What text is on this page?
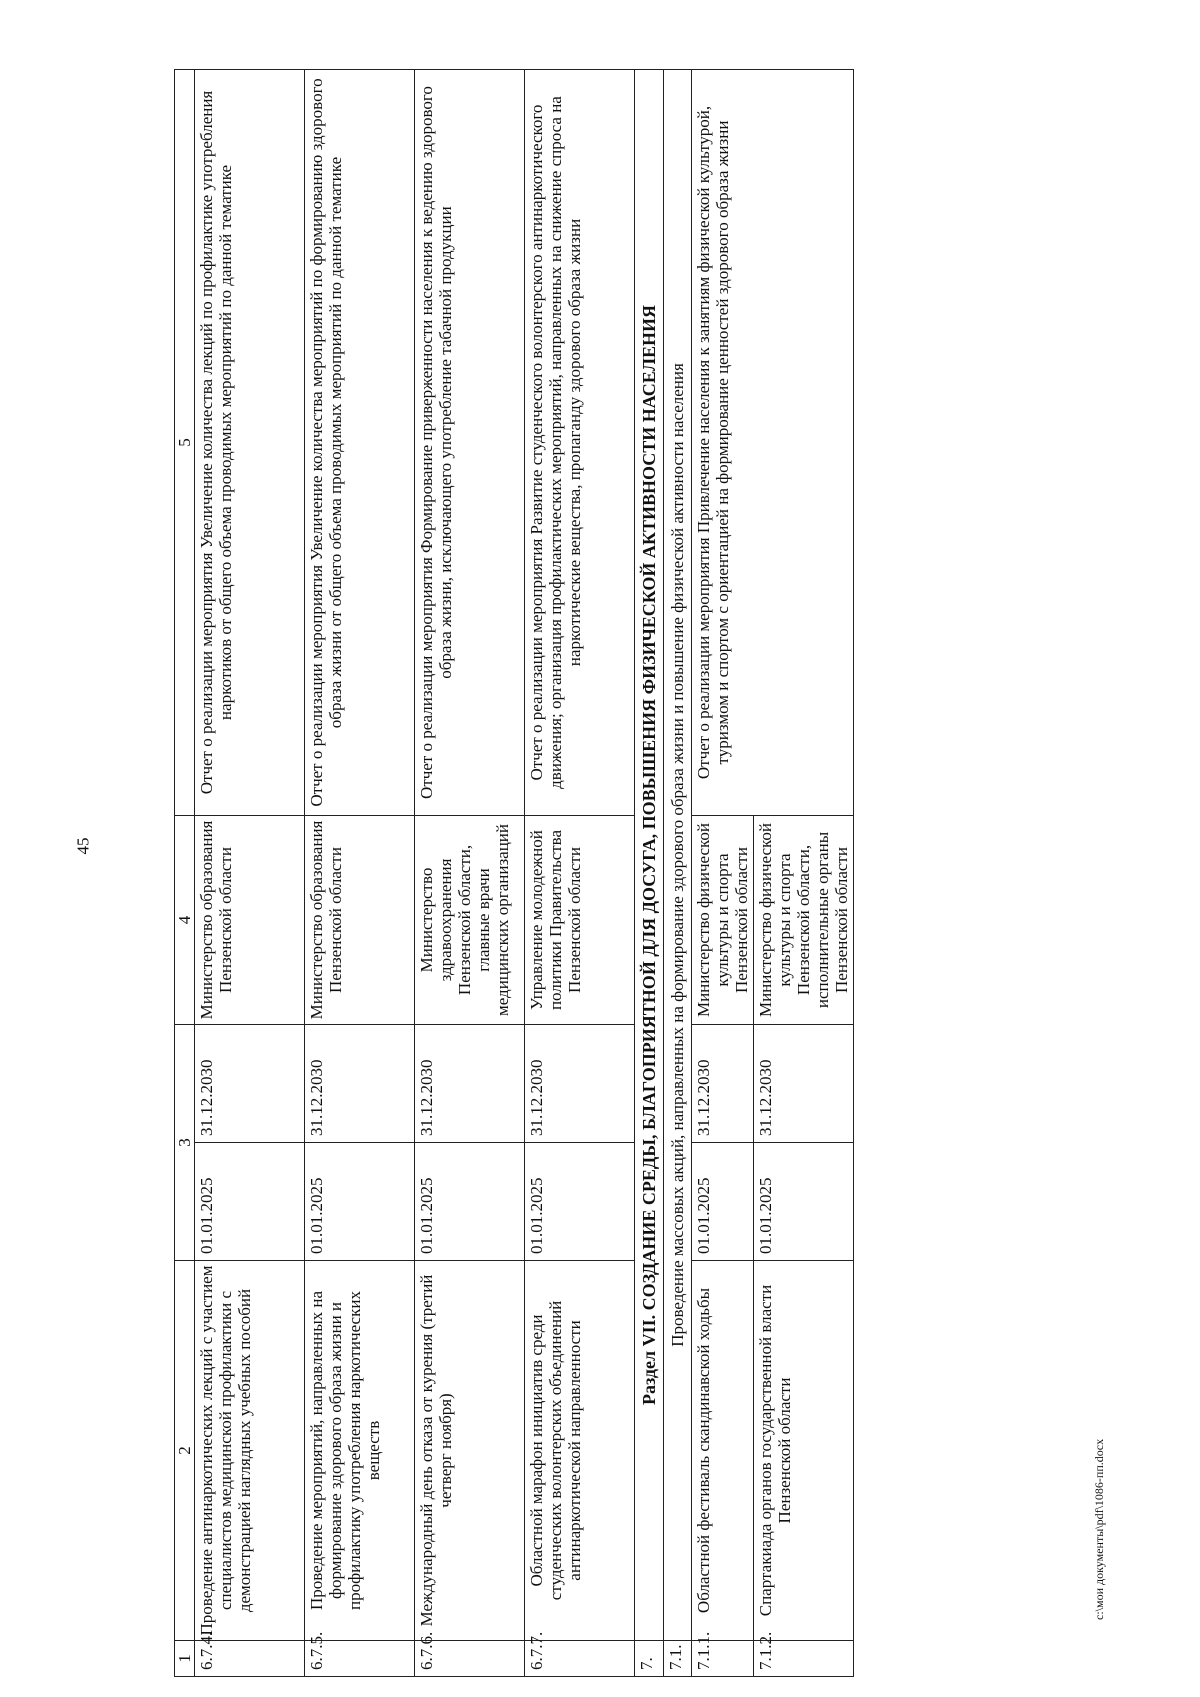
45
c:\мои документы\pdf\1086-пп.docx
1	2	3		4	5
6.7.4.	Проведение антинаркотических лекций с участием специалистов медицинской профилактики с демонстрацией наглядных учебных пособий	01.01.2025	31.12.2030	Министерство образования Пензенской области	Отчет о реализации мероприятия Увеличение количества лекций по профилактике употребления наркотиков от общего объема проводимых мероприятий по данной тематике
6.7.5.	Проведение мероприятий, направленных на формирование здорового образа жизни и профилактику употребления наркотических веществ	01.01.2025	31.12.2030	Министерство образования Пензенской области	Отчет о реализации мероприятия Увеличение количества мероприятий по формированию здорового образа жизни от общего объема проводимых мероприятий по данной тематике
6.7.6.	Международный день отказа от курения (третий четверг ноября)	01.01.2025	31.12.2030	Министерство здравоохранения Пензенской области, главные врачи медицинских организаций	Отчет о реализации мероприятия Формирование приверженности населения к ведению здорового образа жизни, исключающего употребление табачной продукции
6.7.7.	Областной марафон инициатив среди студенческих волонтерских объединений антинаркотической направленности	01.01.2025	31.12.2030	Управление молодежной политики Правительства Пензенской области	Отчет о реализации мероприятия Развитие студенческого волонтерского антинаркотического движения; организация профилактических мероприятий, направленных на снижение спроса на наркотические вещества, пропаганду здорового образа жизни
7.	Раздел VII. СОЗДАНИЕ СРЕДЫ, БЛАГОПРИЯТНОЙ ДЛЯ ДОСУГА, ПОВЫШЕНИЯ ФИЗИЧЕСКОЙ АКТИВНОСТИ НАСЕЛЕНИЯ				
7.1.	Проведение массовых акций, направленных на формирование здорового образа жизни и повышение физической активности населения				
7.1.1.	Областной фестиваль скандинавской ходьбы	01.01.2025	31.12.2030	Министерство физической культуры и спорта Пензенской области	Отчет о реализации мероприятия Привлечение населения к занятиям физической культурой, туризмом и спортом с ориентацией на формирование ценностей здорового образа жизни
7.1.2.	Спартакиада органов государственной власти Пензенской области	01.01.2025	31.12.2030	Министерство физической культуры и спорта Пензенской области, исполнительные органы Пензенской области	
